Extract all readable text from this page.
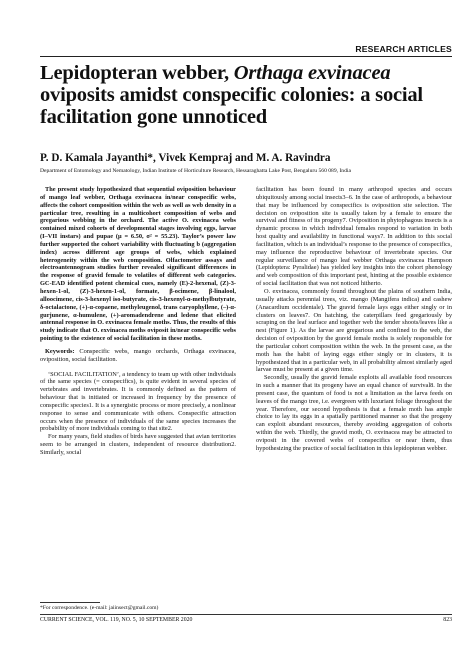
RESEARCH ARTICLES
Lepidopteran webber, Orthaga exvinacea oviposits amidst conspecific colonies: a social facilitation gone unnoticed
P. D. Kamala Jayanthi*, Vivek Kempraj and M. A. Ravindra
Department of Entomology and Nematology, Indian Institute of Horticulture Research, Hessaraghatta Lake Post, Bengaluru 560 089, India

The present study hypothesized that sequential oviposition behaviour of mango leaf webber, Orthaga exvinacea in/near conspecific webs, affects the cohort composition within the web as well as web density in a particular tree, resulting in a multicohort composition of webs and gregarious webbing in the orchard. The active O. exvinacea webs contained mixed cohorts of developmental stages involving eggs, larvae (I–VII instars) and pupae (μ = 6.50, σ² = 55.23). Taylor’s power law further supported the cohort variability with fluctuating b (aggregation index) across different age groups of webs, which explained heterogeneity within the web composition. Olfactometer assays and electroantennogram studies further revealed significant differences in the response of gravid female to volatiles of different web categories. GC-EAD identified potent chemical cues, namely (E)-2-hexenal, (Z)-3-hexen-1-ol, (Z)-3-hexen-1-ol, formate, β-ocimene, β-linalool, alloocimene, cis-3-hexenyl iso-butyrate, cis-3-hexenyl-α-methylbutyrate, δ-octalactone, (+)-α-copaene, methyleugenol, trans caryophyllene, (–)-α-gurjunene, α-humulene, (+)-aromadendrene and ledene that elicited antennal response in O. exvinacea female moths. Thus, the results of this study indicate that O. exvinacea moths oviposit in/near conspecific webs pointing to the existence of social facilitation in these moths.

Keywords: Conspecific webs, mango orchards, Orthaga exvinacea, oviposition, social facilitation.

‘SOCIAL FACILITATION’, a tendency to team up with other individuals of the same species (= conspecifics), is quite evident in several species of vertebrates and invertebrates. It is commonly defined as the pattern of behaviour that is initiated or increased in frequency by the presence of conspecific species1. It is a synergistic process or more precisely, a nonlinear response to sense and communicate with others. Conspecific attraction occurs when the presence of individuals of the same species increases the probability of more individuals coming to that site2.

For many years, field studies of birds have suggested that avian territories seem to be arranged in clusters, independent of resource distribution2. Similarly, social

facilitation has been found in many arthropod species and occurs ubiquitously among social insects3–6. In the case of arthropods, a behaviour that may be influenced by conspecifics is oviposition site selection. The decision on oviposition site is usually taken by a female to ensure the survival and fitness of its progeny7. Oviposition in phytophagous insects is a dynamic process in which individual females respond to variation in both host quality and availability in functional ways7. In addition to this social facilitation, which is an individual’s response to the presence of conspecifics, may influence the reproductive behaviour of invertebrate species. Our regular surveillance of mango leaf webber Orthaga exvinacea Hampson (Lepidoptera: Pyralidae) has yielded key insights into the cohort phenology and web composition of this important pest, hinting at the possible existence of social facilitation that was not noticed hitherto.

O. exvinacea, commonly found throughout the plains of southern India, usually attacks perennial trees, viz. mango (Mangifera indica) and cashew (Anacardium occidentale). The gravid female lays eggs either singly or in clusters on leaves7. On hatching, the caterpillars feed gregariously by scraping on the leaf surface and together web the tender shoots/leaves like a nest (Figure 1). As the larvae are gregarious and confined to the web, the decision of oviposition by the gravid female moths is solely responsible for the particular cohort composition within the web. In the present case, as the moth has the habit of laying eggs either singly or in clusters, it is hypothesized that in a particular web, in all probability almost similarly aged larvae must be present at a given time.

Secondly, usually the gravid female exploits all available food resources in such a manner that its progeny have an equal chance of survival8. In the present case, the quantum of food is not a limitation as the larva feeds on leaves of the mango tree, i.e. evergreen with luxuriant foliage throughout the year. Therefore, our second hypothesis is that a female moth has ample choice to lay its eggs in a spatially partitioned manner so that the progeny can exploit abundant resources, thereby avoiding aggregation of cohorts within the web. Thirdly, the gravid moth, O. exvinacea may be attracted to oviposit in the covered webs of conspecifics or near them, thus hypothesizing the practice of social facilitation in this lepidopteran webber.

*For correspondence. (e-mail: jaiinsect@gmail.com)
CURRENT SCIENCE, VOL. 119, NO. 5, 10 SEPTEMBER 2020	823
